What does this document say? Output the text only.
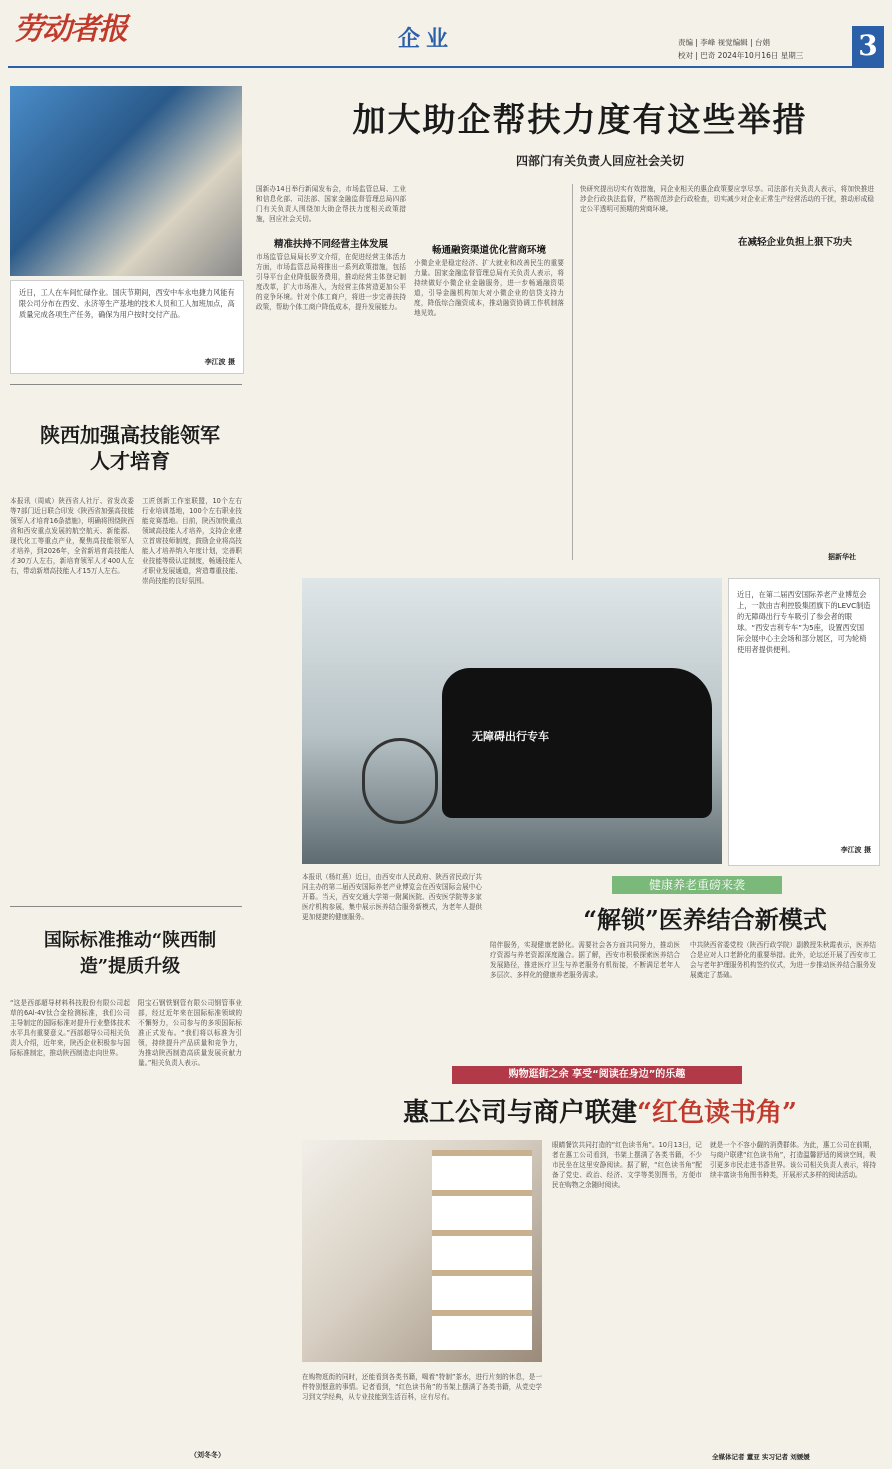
劳动者报	企业	责编 | 李峰 视觉编辑 | 台娟
校对 | 巴奇 2024年10月16日 星期三	3
近日，工人在车间忙碌作业。国庆节期间，西安中车永电捷力风能有限公司分布在西安、永济等生产基地的技术人员和工人加班加点，高质量完成各项生产任务，确保为用户按时交付产品。
李江波 摄
加大助企帮扶力度有这些举措
四部门有关负责人回应社会关切
国新办14日举行新闻发布会，市场监管总局、工业和信息化部、司法部、国家金融监督管理总局四部门有关负责人围绕加大助企帮扶力度相关政策措施，回应社会关切。
精准扶持不同经营主体发展
市场监管总局局长罗文介绍，在促进经营主体活力方面，市场监管总局将推出一系列政策措施，包括引导平台企业降低服务费用，推动经营主体登记制度改革，扩大市场准入，为经营主体营造更加公平的竞争环境。针对个体工商户，将进一步完善扶持政策，帮助个体工商户降低成本，提升发展能力。
畅通融资渠道优化营商环境
小微企业是稳定经济、扩大就业和改善民生的重要力量。国家金融监督管理总局有关负责人表示，将持续做好小微企业金融服务，进一步畅通融资渠道，引导金融机构加大对小微企业的信贷支持力度，降低综合融资成本，推动融资协调工作机制落地见效。
快研究提出切实有效措施，同企业相关的惠企政策要应享尽享。司法部有关负责人表示，将加快推进涉企行政执法监督，严格规范涉企行政检查，切实减少对企业正常生产经营活动的干扰，推动形成稳定公平透明可预期的营商环境。
在减轻企业负担上狠下功夫
据新华社
陕西加强高技能领军人才培育
本报讯（周咸）陕西省人社厅、省发改委等7部门近日联合印发《陕西省加强高技能领军人才培育16条措施》，明确将围绕陕西省和西安重点发展的航空航天、新能源、现代化工等重点产业，聚焦高技能领军人才培养，到2026年，全省新培育高技能人才30万人左右，新培育领军人才400人左右，带动新增高技能人才15万人左右。
工匠创新工作室联盟，10个左右行业培训基地，100个左右职业技能竞赛基地。目前，陕西加快重点领域高技能人才培养，支持企业建立首席技师制度，鼓励企业将高技能人才培养纳入年度计划，完善职业技能等级认定制度，畅通技能人才职业发展通道，营造尊重技能、崇尚技能的良好氛围。
国际标准推动“陕西制造”提质升级
“这是西部超导材料科技股份有限公司起草的6Al-4V钛合金检测标准，我们公司主导制定的国际标准对提升行业整体技术水平具有重要意义。”西部超导公司相关负责人介绍，近年来，陕西企业积极参与国际标准制定，推动陕西制造走向世界。
阳宝石钢铁钢管有限公司钢管事业部，经过近年来在国际标准领域的不懈努力，公司参与的多项国际标准正式发布。“我们将以标准为引领，持续提升产品质量和竞争力，为推动陕西制造高质量发展贡献力量。”相关负责人表示。
（刘冬冬）
无障碍出行专车
近日，在第二届西安国际养老产业博览会上，一款由吉利控股集团旗下的LEVC制造的无障碍出行专车吸引了参会者的眼球。“西安吉利专车”为5座，设置西安国际会展中心主会场和部分展区，可为轮椅使用者提供便利。
李江波 摄
健康养老重磅来袭
“解锁”医养结合新模式
本报讯（杨红燕）近日，由西安市人民政府、陕西省民政厅共同主办的第二届西安国际养老产业博览会在西安国际会展中心开幕。当天，西安交通大学第一附属医院、西安医学院等多家医疗机构参展，集中展示医养结合服务新模式，为老年人提供更加便捷的健康服务。
陪伴服务，实现健康老龄化。需要社会各方面共同努力，推动医疗资源与养老资源深度融合。据了解，西安市积极探索医养结合发展路径，推进医疗卫生与养老服务有机衔接，不断满足老年人多层次、多样化的健康养老服务需求。
中共陕西省委党校（陕西行政学院）副教授朱秋霞表示，医养结合是应对人口老龄化的重要举措。此外，论坛还开展了西安市工会与老年护理服务机构签约仪式，为进一步推动医养结合服务发展奠定了基础。
购物逛街之余 享受“阅读在身边”的乐趣
惠工公司与商户联建“红色读书角”
眼睛餐饮共同打造的“红色读书角”。10月13日，记者在惠工公司看到，书架上摆满了各类书籍，不少市民坐在这里安静阅读。据了解，“红色读书角”配备了党史、政治、经济、文学等类别图书，方便市民在购物之余随时阅读。
就是一个不容小觑的消费群体。为此，惠工公司在前期，与商户联建“红色读书角”，打造温馨舒适的阅读空间，吸引更多市民走进书香世界。该公司相关负责人表示，将持续丰富读书角图书种类，开展形式多样的阅读活动。
在购物逛街的同时，还能看到各类书籍，喝着“特制”茶水，进行片刻的休息，是一件特别惬意的事情。记者看到，“红色读书角”的书架上摆满了各类书籍，从党史学习到文学经典，从专业技能到生活百科，应有尽有。
全媒体记者 董亚 实习记者 刘媛媛
